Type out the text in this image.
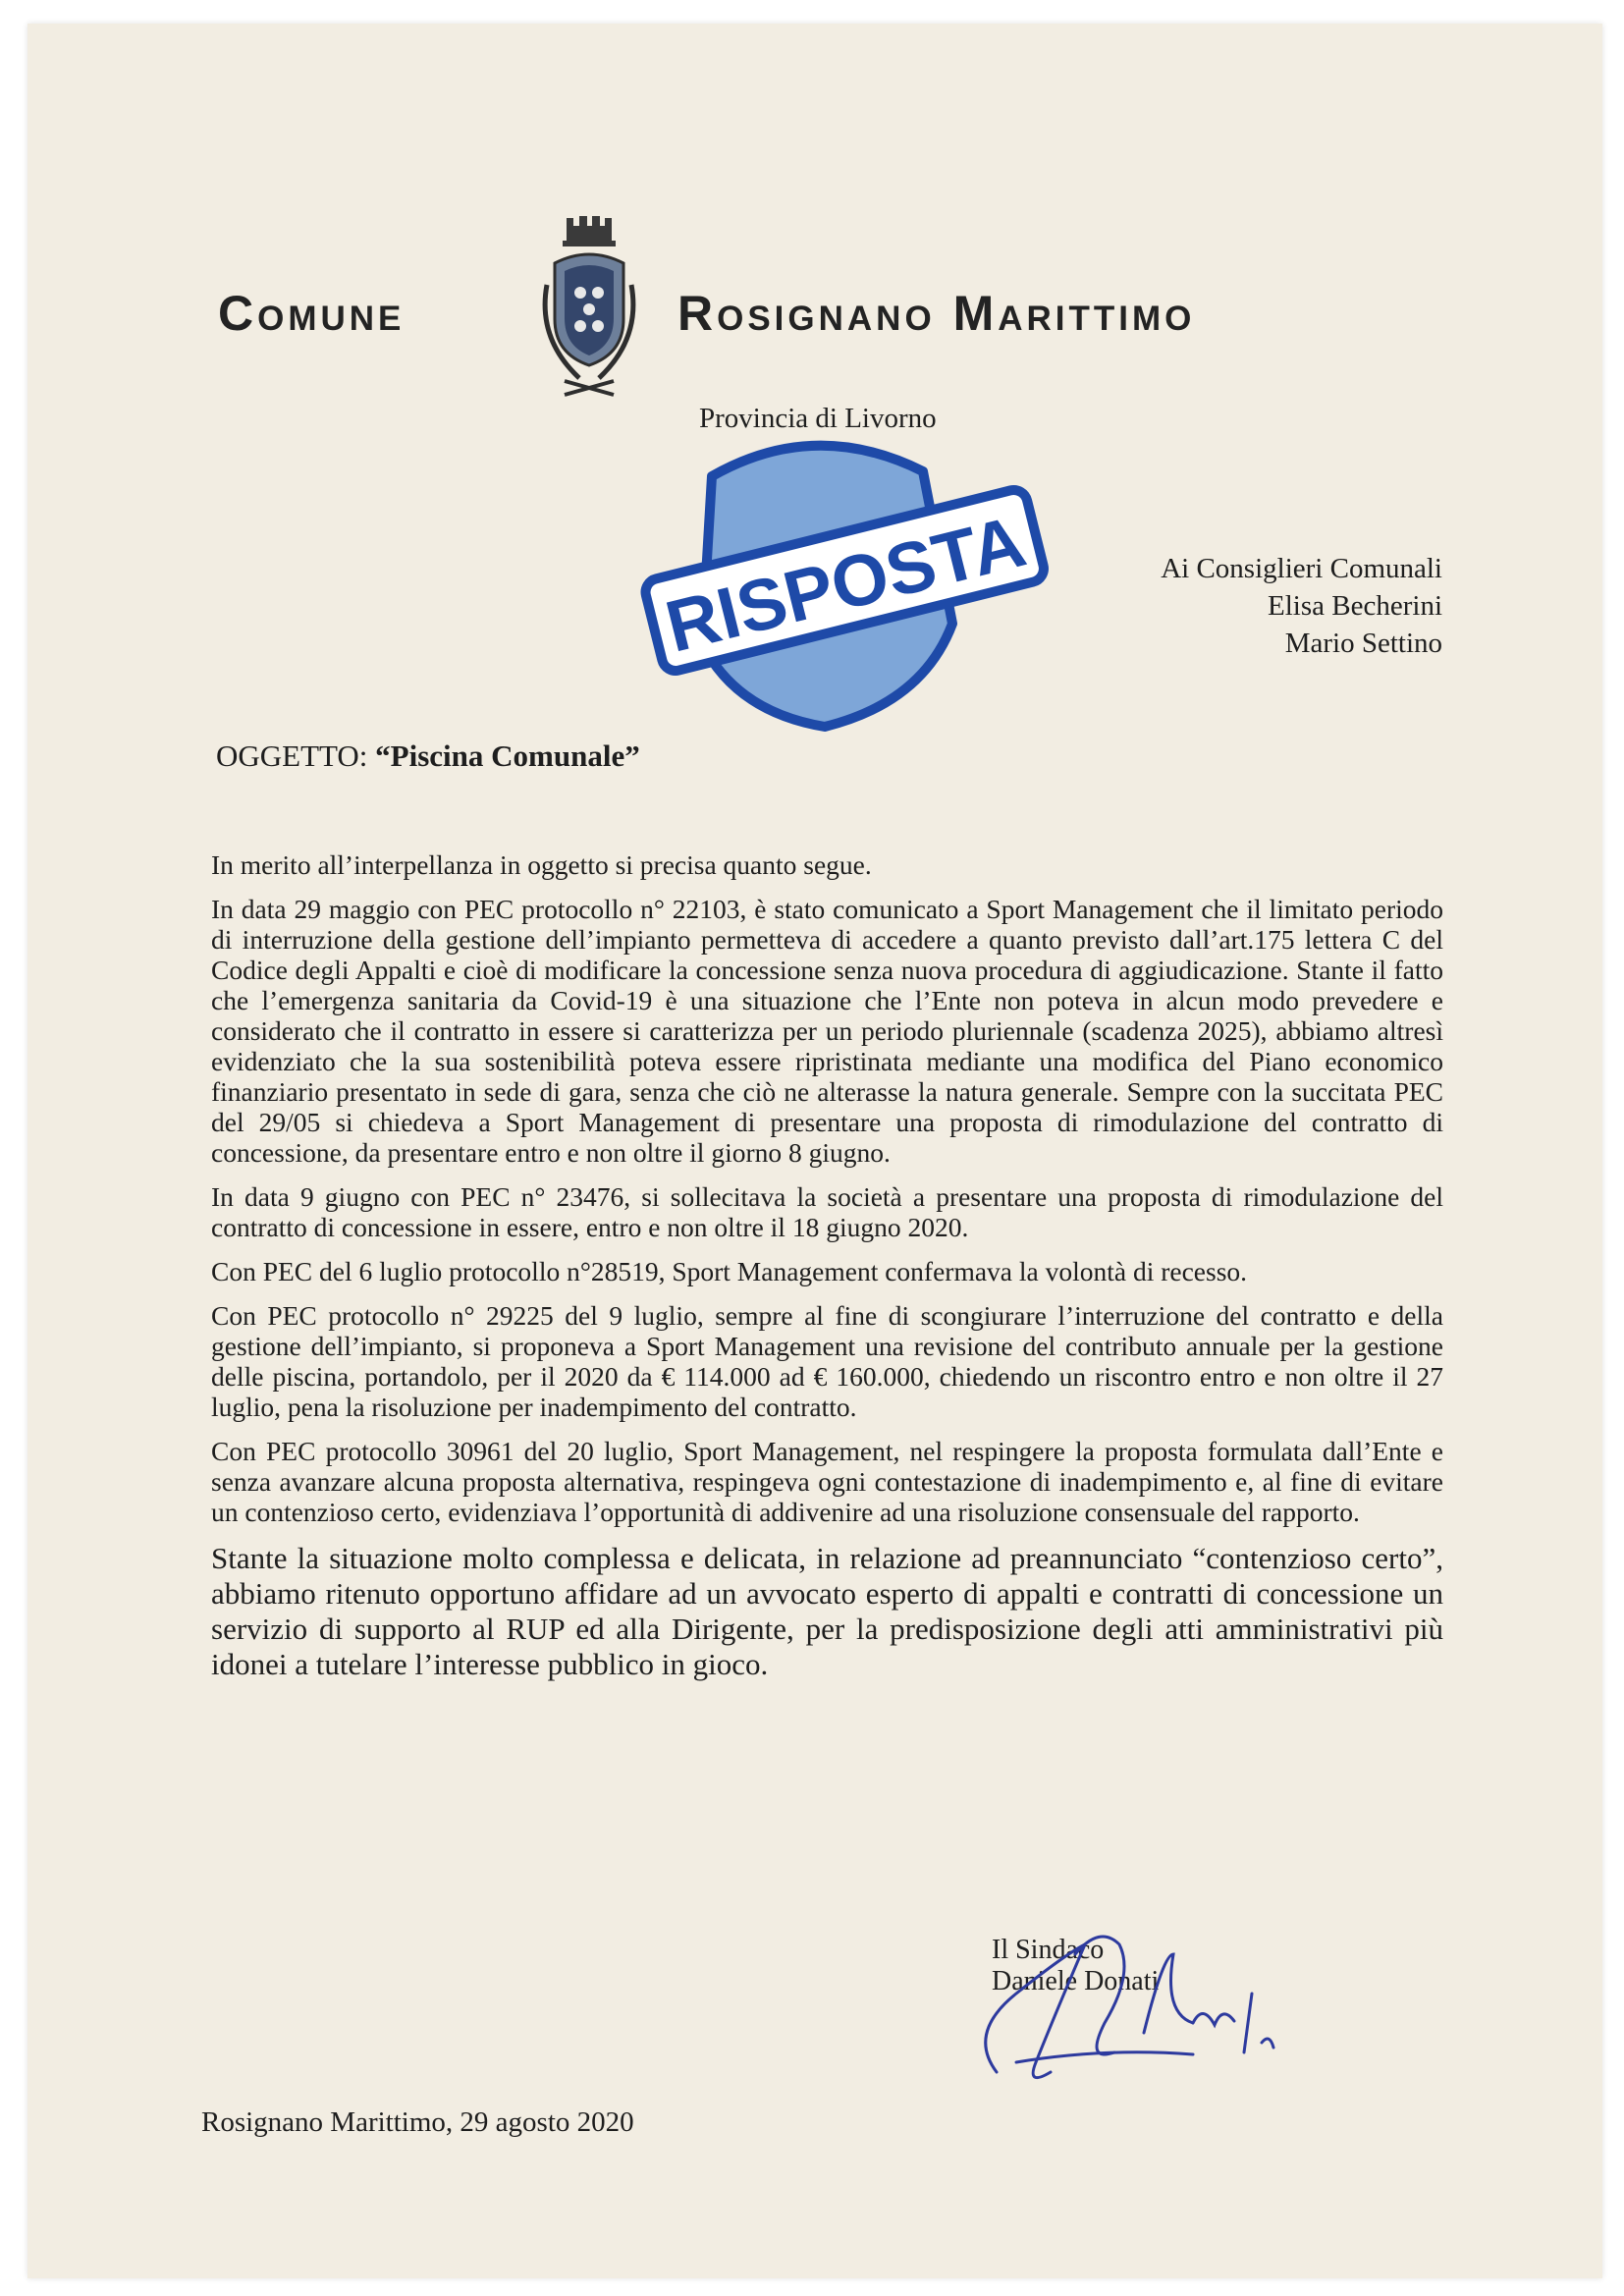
Comune	Rosignano Marittimo
Provincia di Livorno
RISPOSTA	Ai Consiglieri Comunali
Elisa Becherini
Mario Settino
OGGETTO: “Piscina Comunale”

In merito all’interpellanza in oggetto si precisa quanto segue.

In data 29 maggio con PEC protocollo n° 22103, è stato comunicato a Sport Management che il limitato periodo di interruzione della gestione dell’impianto permetteva di accedere a quanto previsto dall’art.175 lettera C del Codice degli Appalti e cioè di modificare la concessione senza nuova procedura di aggiudicazione. Stante il fatto che l’emergenza sanitaria da Covid-19 è una situazione che l’Ente non poteva in alcun modo prevedere e considerato che il contratto in essere si caratterizza per un periodo pluriennale (scadenza 2025), abbiamo altresì evidenziato che la sua sostenibilità poteva essere ripristinata mediante una modifica del Piano economico finanziario presentato in sede di gara, senza che ciò ne alterasse la natura generale. Sempre con la succitata PEC del 29/05 si chiedeva a Sport Management di presentare una proposta di rimodulazione del contratto di concessione, da presentare entro e non oltre il giorno 8 giugno.

In data 9 giugno con PEC n° 23476, si sollecitava la società a presentare una proposta di rimodulazione del contratto di concessione in essere, entro e non oltre il 18 giugno 2020.

Con PEC del 6 luglio protocollo n°28519, Sport Management confermava la volontà di recesso.

Con PEC protocollo n° 29225 del 9 luglio, sempre al fine di scongiurare l’interruzione del contratto e della gestione dell’impianto, si proponeva a Sport Management una revisione del contributo annuale per la gestione delle piscina, portandolo, per il 2020 da € 114.000 ad € 160.000, chiedendo un riscontro entro e non oltre il 27 luglio, pena la risoluzione per inadempimento del contratto.

Con PEC protocollo 30961 del 20 luglio, Sport Management, nel respingere la proposta formulata dall’Ente e senza avanzare alcuna proposta alternativa, respingeva ogni contestazione di inadempimento e, al fine di evitare un contenzioso certo, evidenziava l’opportunità di addivenire ad una risoluzione consensuale del rapporto.

Stante la situazione molto complessa e delicata, in relazione ad preannunciato “contenzioso certo”, abbiamo ritenuto opportuno affidare ad un avvocato esperto di appalti e contratti di concessione un servizio di supporto al RUP ed alla Dirigente, per la predisposizione degli atti amministrativi più idonei a tutelare l’interesse pubblico in gioco.

Il Sindaco
Daniele Donati
Rosignano Marittimo, 29 agosto 2020
